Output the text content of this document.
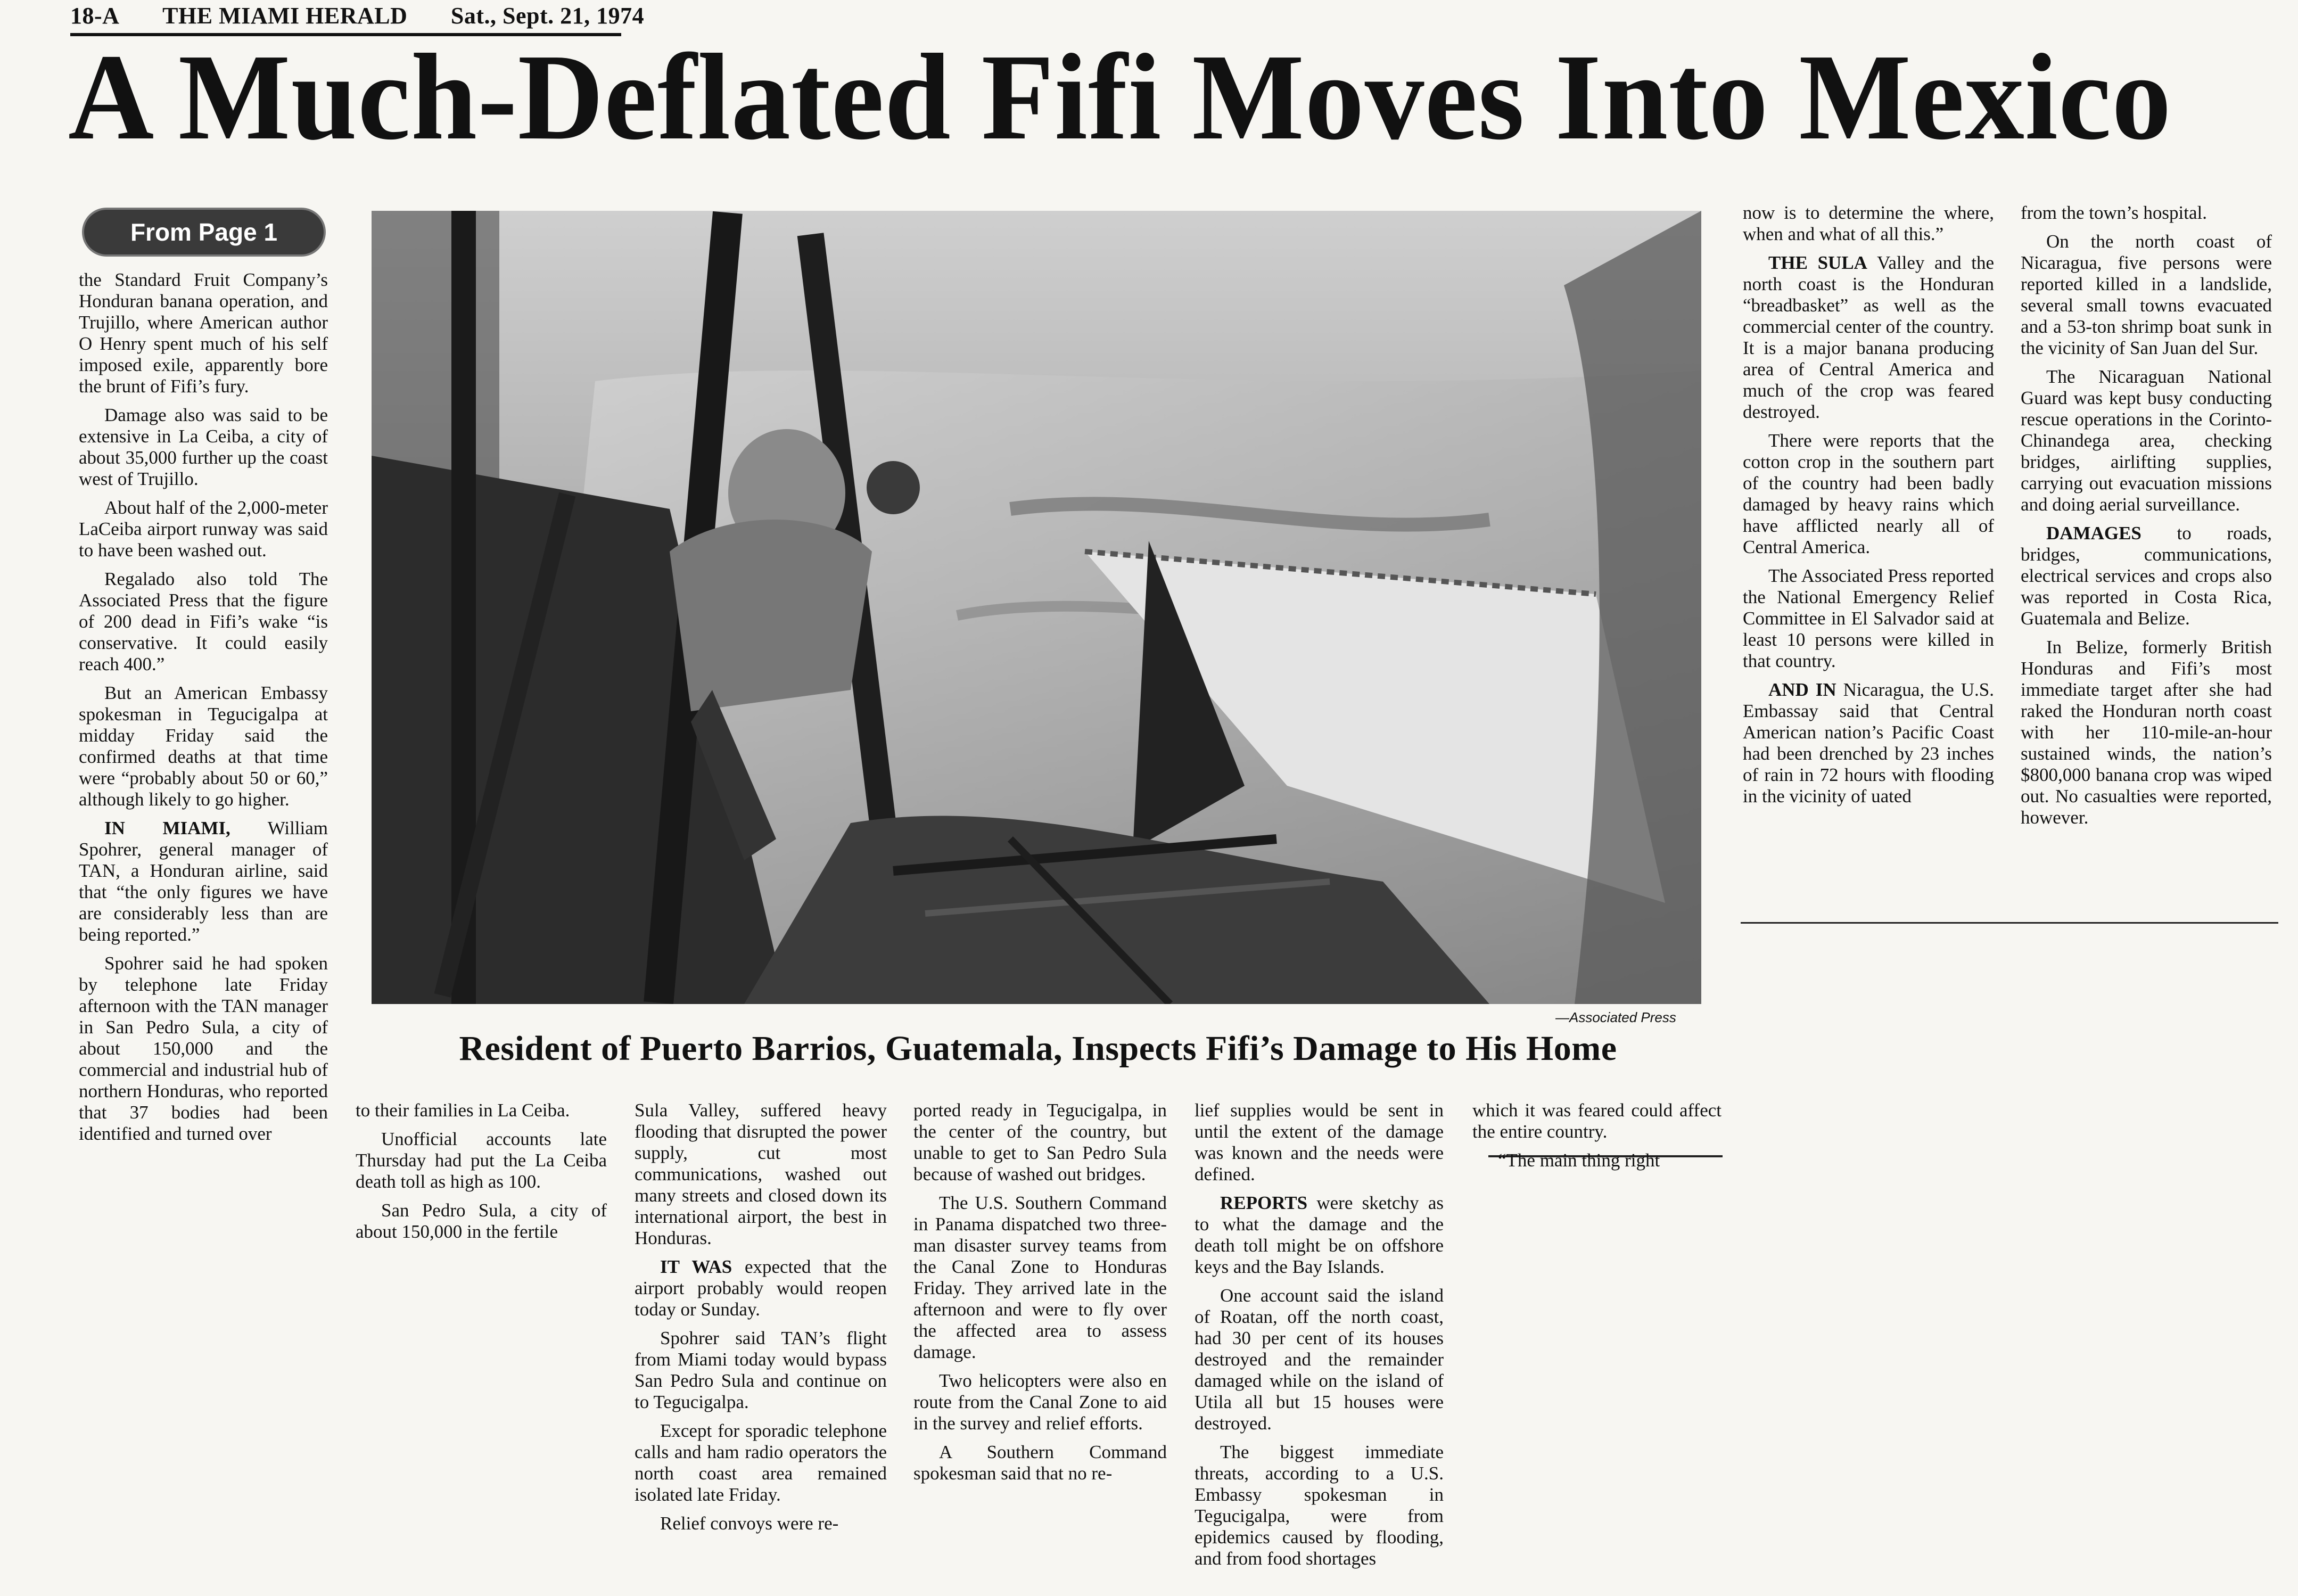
18-A THE MIAMI HERALD Sat., Sept. 21, 1974
A Much-Deflated Fifi Moves Into Mexico
From Page 1

the Standard Fruit Company’s Honduran banana operation, and Trujillo, where American author O Henry spent much of his self imposed exile, apparently bore the brunt of Fifi’s fury.

Damage also was said to be extensive in La Ceiba, a city of about 35,000 further up the coast west of Trujillo.

About half of the 2,000-meter LaCeiba airport runway was said to have been washed out.

Regalado also told The Associated Press that the figure of 200 dead in Fifi’s wake “is conservative. It could easily reach 400.”

But an American Embassy spokesman in Tegucigalpa at midday Friday said the confirmed deaths at that time were “probably about 50 or 60,” although likely to go higher.

IN MIAMI, William Spohrer, general manager of TAN, a Honduran airline, said that “the only figures we have are considerably less than are being reported.”

Spohrer said he had spoken by telephone late Friday afternoon with the TAN manager in San Pedro Sula, a city of about 150,000 and the commercial and industrial hub of northern Honduras, who reported that 37 bodies had been identified and turned over

—Associated Press
Resident of Puerto Barrios, Guatemala, Inspects Fifi’s Damage to His Home

to their families in La Ceiba.

Unofficial accounts late Thursday had put the La Ceiba death toll as high as 100.

San Pedro Sula, a city of about 150,000 in the fertile

Sula Valley, suffered heavy flooding that disrupted the power supply, cut most communications, washed out many streets and closed down its international airport, the best in Honduras.

IT WAS expected that the airport probably would reopen today or Sunday.

Spohrer said TAN’s flight from Miami today would bypass San Pedro Sula and continue on to Tegucigalpa.

Except for sporadic telephone calls and ham radio operators the north coast area remained isolated late Friday.

Relief convoys were re-

ported ready in Tegucigalpa, in the center of the country, but unable to get to San Pedro Sula because of washed out bridges.

The U.S. Southern Command in Panama dispatched two three-man disaster survey teams from the Canal Zone to Honduras Friday. They arrived late in the afternoon and were to fly over the affected area to assess damage.

Two helicopters were also en route from the Canal Zone to aid in the survey and relief efforts.

A Southern Command spokesman said that no re-

lief supplies would be sent in until the extent of the damage was known and the needs were defined.

REPORTS were sketchy as to what the damage and the death toll might be on offshore keys and the Bay Islands.

One account said the island of Roatan, off the north coast, had 30 per cent of its houses destroyed and the remainder damaged while on the island of Utila all but 15 houses were destroyed.

The biggest immediate threats, according to a U.S. Embassy spokesman in Tegucigalpa, were from epidemics caused by flooding, and from food shortages

which it was feared could affect the entire country.

“The main thing right

now is to determine the where, when and what of all this.”

THE SULA Valley and the north coast is the Honduran “breadbasket” as well as the commercial center of the country. It is a major banana producing area of Central America and much of the crop was feared destroyed.

There were reports that the cotton crop in the southern part of the country had been badly damaged by heavy rains which have afflicted nearly all of Central America.

The Associated Press reported the National Emergency Relief Committee in El Salvador said at least 10 persons were killed in that country.

AND IN Nicaragua, the U.S. Embassay said that Central American nation’s Pacific Coast had been drenched by 23 inches of rain in 72 hours with flooding in the vicinity of uated

from the town’s hospital.

On the north coast of Nicaragua, five persons were reported killed in a landslide, several small towns evacuated and a 53-ton shrimp boat sunk in the vicinity of San Juan del Sur.

The Nicaraguan National Guard was kept busy conducting rescue operations in the Corinto-Chinandega area, checking bridges, airlifting supplies, carrying out evacuation missions and doing aerial surveillance.

DAMAGES to roads, bridges, communications, electrical services and crops also was reported in Costa Rica, Guatemala and Belize.

In Belize, formerly British Honduras and Fifi’s most immediate target after she had raked the Honduran north coast with her 110-mile-an-hour sustained winds, the nation’s $800,000 banana crop was wiped out. No casualties were reported, however.
